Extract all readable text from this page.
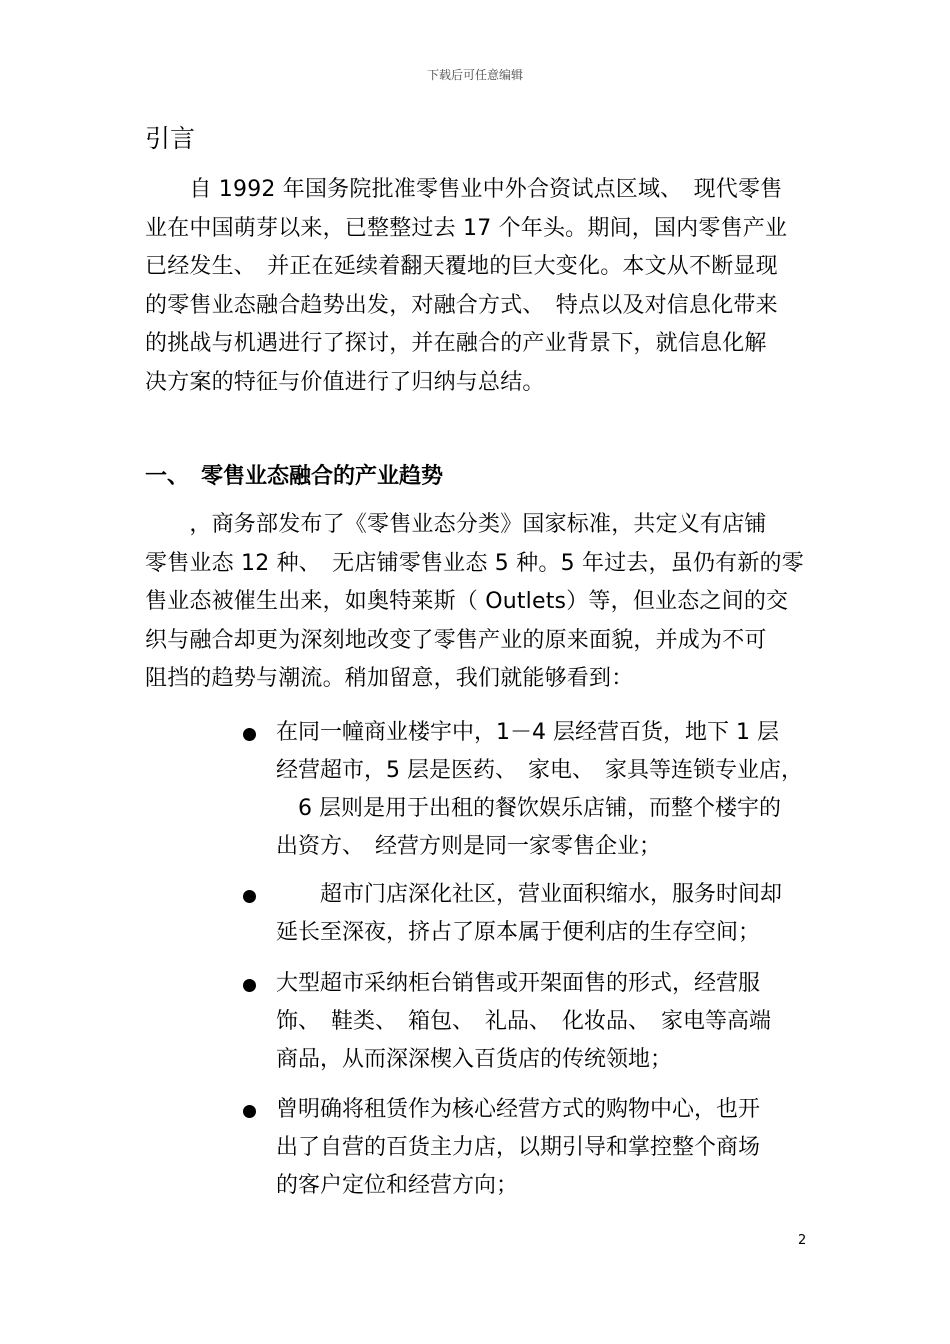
下载后可任意编辑
引言

　　自 1992 年国务院批准零售业中外合资试点区域、　现代零售
业在中国萌芽以来，已整整过去 17 个年头。期间，国内零售产业
已经发生、　并正在延续着翻天覆地的巨大变化。本文从不断显现
的零售业态融合趋势出发，对融合方式、　特点以及对信息化带来
的挑战与机遇进行了探讨，并在融合的产业背景下，就信息化解
决方案的特征与价值进行了归纳与总结。

一、 零售业态融合的产业趋势

　　，商务部发布了《零售业态分类》国家标准，共定义有店铺
零售业态 12 种、　无店铺零售业态 5 种。5 年过去，虽仍有新的零
售业态被催生出来，如奥特莱斯（ Outlets）等，但业态之间的交
织与融合却更为深刻地改变了零售产业的原来面貌，并成为不可
阻挡的趋势与潮流。稍加留意，我们就能够看到：

在同一幢商业楼宇中，1－4 层经营百货，地下 1 层
经营超市，5 层是医药、　家电、　家具等连锁专业店，
　6 层则是用于出租的餐饮娱乐店铺，而整个楼宇的
出资方、　经营方则是同一家零售企业；
　　超市门店深化社区，营业面积缩水，服务时间却
延长至深夜，挤占了原本属于便利店的生存空间；
大型超市采纳柜台销售或开架面售的形式，经营服
饰、　鞋类、　箱包、　礼品、　化妆品、　家电等高端
商品，从而深深楔入百货店的传统领地；
曾明确将租赁作为核心经营方式的购物中心，也开
出了自营的百货主力店，以期引导和掌控整个商场
的客户定位和经营方向；
2
